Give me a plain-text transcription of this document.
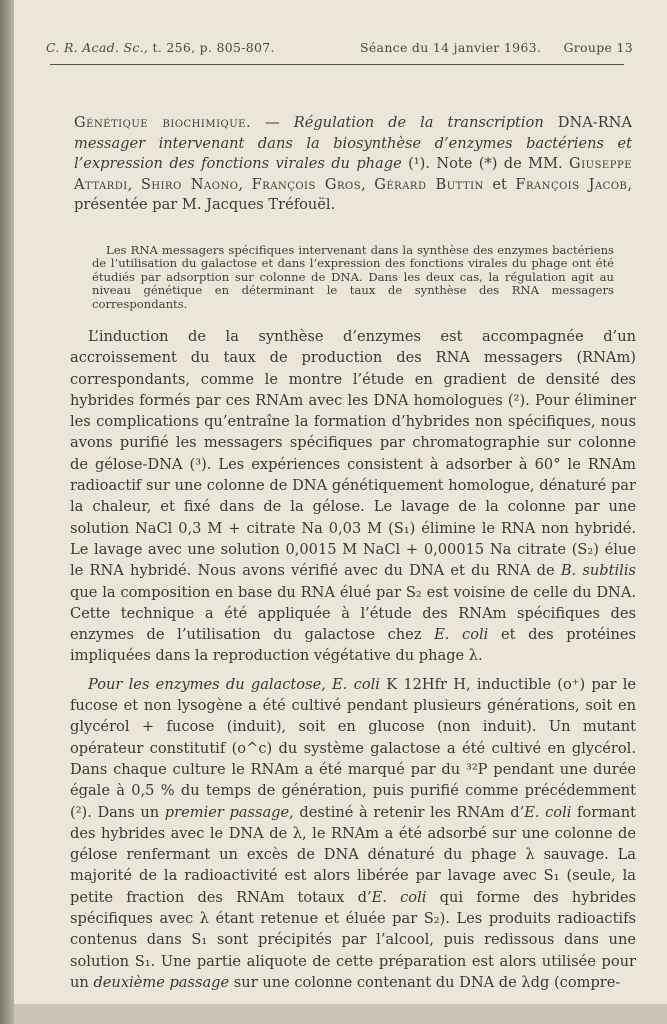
C. R. Acad. Sc., t. 256, p. 805-807.	Séance du 14 janvier 1963. Groupe 13
Génétique biochimique. — Régulation de la transcription DNA-RNA messager intervenant dans la biosynthèse d’enzymes bactériens et l’expression des fonctions virales du phage (¹). Note (*) de MM. Giuseppe Attardi, Shiro Naono, François Gros, Gérard Buttin et François Jacob, présentée par M. Jacques Tréfouël.
Les RNA messagers spécifiques intervenant dans la synthèse des enzymes bactériens de l’utilisation du galactose et dans l’expression des fonctions virales du phage ont été étudiés par adsorption sur colonne de DNA. Dans les deux cas, la régulation agit au niveau génétique en déterminant le taux de synthèse des RNA messagers correspondants.

L’induction de la synthèse d’enzymes est accompagnée d’un accroissement du taux de production des RNA messagers (RNAm) correspondants, comme le montre l’étude en gradient de densité des hybrides formés par ces RNAm avec les DNA homologues (²). Pour éliminer les complications qu’entraîne la formation d’hybrides non spécifiques, nous avons purifié les messagers spécifiques par chromatographie sur colonne de gélose-DNA (³). Les expériences consistent à adsorber à 60° le RNAm radioactif sur une colonne de DNA génétiquement homologue, dénaturé par la chaleur, et fixé dans de la gélose. Le lavage de la colonne par une solution NaCl 0,3 M + citrate Na 0,03 M (S₁) élimine le RNA non hybridé. Le lavage avec une solution 0,0015 M NaCl + 0,00015 Na citrate (S₂) élue le RNA hybridé. Nous avons vérifié avec du DNA et du RNA de B. subtilis que la composition en base du RNA élué par S₂ est voisine de celle du DNA. Cette technique a été appliquée à l’étude des RNAm spécifiques des enzymes de l’utilisation du galactose chez E. coli et des protéines impliquées dans la reproduction végétative du phage λ.

Pour les enzymes du galactose, E. coli K 12Hfr H, inductible (o⁺) par le fucose et non lysogène a été cultivé pendant plusieurs générations, soit en glycérol + fucose (induit), soit en glucose (non induit). Un mutant opérateur constitutif (o^c) du système galactose a été cultivé en glycérol. Dans chaque culture le RNAm a été marqué par du ³²P pendant une durée égale à 0,5 % du temps de génération, puis purifié comme précédemment (²). Dans un premier passage, destiné à retenir les RNAm d’E. coli formant des hybrides avec le DNA de λ, le RNAm a été adsorbé sur une colonne de gélose renfermant un excès de DNA dénaturé du phage λ sauvage. La majorité de la radioactivité est alors libérée par lavage avec S₁ (seule, la petite fraction des RNAm totaux d’E. coli qui forme des hybrides spécifiques avec λ étant retenue et éluée par S₂). Les produits radioactifs contenus dans S₁ sont précipités par l’alcool, puis redissous dans une solution S₁. Une partie aliquote de cette préparation est alors utilisée pour un deuxième passage sur une colonne contenant du DNA de λdg (compre-
